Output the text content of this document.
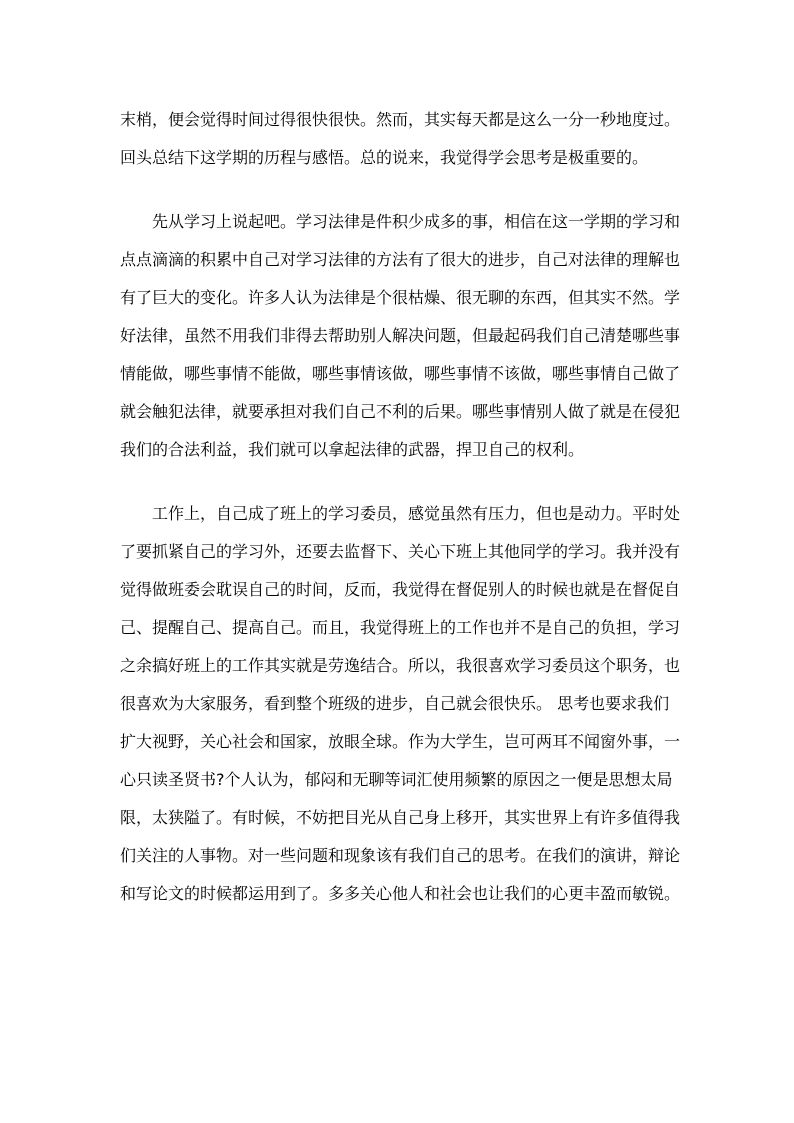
末梢，便会觉得时间过得很快很快。然而，其实每天都是这么一分一秒地度过。
回头总结下这学期的历程与感悟。总的说来，我觉得学会思考是极重要的。
先从学习上说起吧。学习法律是件积少成多的事，相信在这一学期的学习和
点点滴滴的积累中自己对学习法律的方法有了很大的进步，自己对法律的理解也
有了巨大的变化。许多人认为法律是个很枯燥、很无聊的东西，但其实不然。学
好法律，虽然不用我们非得去帮助别人解决问题，但最起码我们自己清楚哪些事
情能做，哪些事情不能做，哪些事情该做，哪些事情不该做，哪些事情自己做了
就会触犯法律，就要承担对我们自己不利的后果。哪些事情别人做了就是在侵犯
我们的合法利益，我们就可以拿起法律的武器，捍卫自己的权利。
工作上，自己成了班上的学习委员，感觉虽然有压力，但也是动力。平时处
了要抓紧自己的学习外，还要去监督下、关心下班上其他同学的学习。我并没有
觉得做班委会耽误自己的时间，反而，我觉得在督促别人的时候也就是在督促自
己、提醒自己、提高自己。而且，我觉得班上的工作也并不是自己的负担，学习
之余搞好班上的工作其实就是劳逸结合。所以，我很喜欢学习委员这个职务，也
很喜欢为大家服务，看到整个班级的进步，自己就会很快乐。 思考也要求我们
扩大视野，关心社会和国家，放眼全球。作为大学生，岂可两耳不闻窗外事，一
心只读圣贤书?个人认为，郁闷和无聊等词汇使用频繁的原因之一便是思想太局
限，太狭隘了。有时候，不妨把目光从自己身上移开，其实世界上有许多值得我
们关注的人事物。对一些问题和现象该有我们自己的思考。在我们的演讲，辩论
和写论文的时候都运用到了。多多关心他人和社会也让我们的心更丰盈而敏锐。
